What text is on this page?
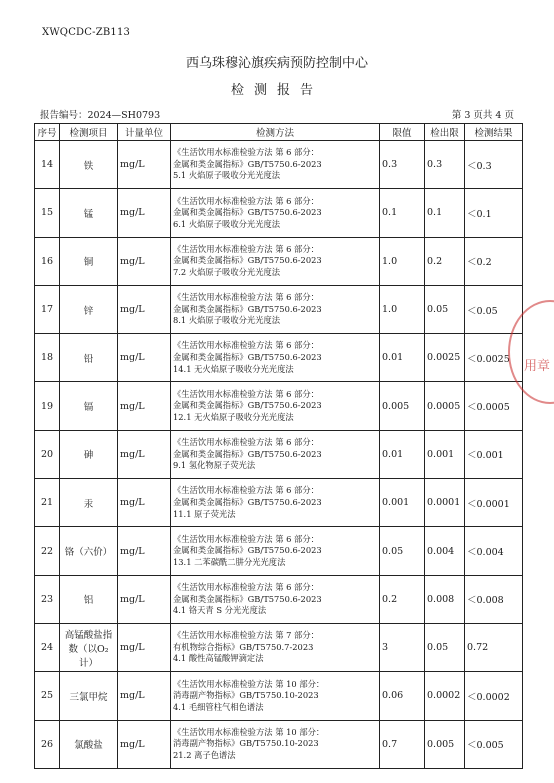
XWQCDC-ZB113
西乌珠穆沁旗疾病预防控制中心
检测报告
报告编号：2024—SH0793	第 3 页共 4 页
序号	检测项目	计量单位	检测方法	限值	检出限	检测结果
14	铁	mg/L	《生活饮用水标准检验方法 第 6 部分：
金属和类金属指标》GB/T5750.6-2023
5.1 火焰原子吸收分光光度法	0.3	0.3	＜0.3
15	锰	mg/L	《生活饮用水标准检验方法 第 6 部分：
金属和类金属指标》GB/T5750.6-2023
6.1 火焰原子吸收分光光度法	0.1	0.1	＜0.1
16	铜	mg/L	《生活饮用水标准检验方法 第 6 部分：
金属和类金属指标》GB/T5750.6-2023
7.2 火焰原子吸收分光光度法	1.0	0.2	＜0.2
17	锌	mg/L	《生活饮用水标准检验方法 第 6 部分：
金属和类金属指标》GB/T5750.6-2023
8.1 火焰原子吸收分光光度法	1.0	0.05	＜0.05
18	铅	mg/L	《生活饮用水标准检验方法 第 6 部分：
金属和类金属指标》GB/T5750.6-2023
14.1 无火焰原子吸收分光光度法	0.01	0.0025	＜0.0025
19	镉	mg/L	《生活饮用水标准检验方法 第 6 部分：
金属和类金属指标》GB/T5750.6-2023
12.1 无火焰原子吸收分光光度法	0.005	0.0005	＜0.0005
20	砷	mg/L	《生活饮用水标准检验方法 第 6 部分：
金属和类金属指标》GB/T5750.6-2023
9.1 氢化物原子荧光法	0.01	0.001	＜0.001
21	汞	mg/L	《生活饮用水标准检验方法 第 6 部分：
金属和类金属指标》GB/T5750.6-2023
11.1 原子荧光法	0.001	0.0001	＜0.0001
22	铬（六价）	mg/L	《生活饮用水标准检验方法 第 6 部分：
金属和类金属指标》GB/T5750.6-2023
13.1 二苯碳酰二肼分光光度法	0.05	0.004	＜0.004
23	铝	mg/L	《生活饮用水标准检验方法 第 6 部分：
金属和类金属指标》GB/T5750.6-2023
4.1 铬天青 S 分光光度法	0.2	0.008	＜0.008
24	高锰酸盐指数（以O₂计）	mg/L	《生活饮用水标准检验方法 第 7 部分：
有机物综合指标》GB/T5750.7-2023
4.1 酸性高锰酸钾滴定法	3	0.05	0.72
25	三氯甲烷	mg/L	《生活饮用水标准检验方法 第 10 部分：
消毒副产物指标》GB/T5750.10-2023
4.1 毛细管柱气相色谱法	0.06	0.0002	＜0.0002
26	氯酸盐	mg/L	《生活饮用水标准检验方法 第 10 部分：
消毒副产物指标》GB/T5750.10-2023
21.2 离子色谱法	0.7	0.005	＜0.005
用章
